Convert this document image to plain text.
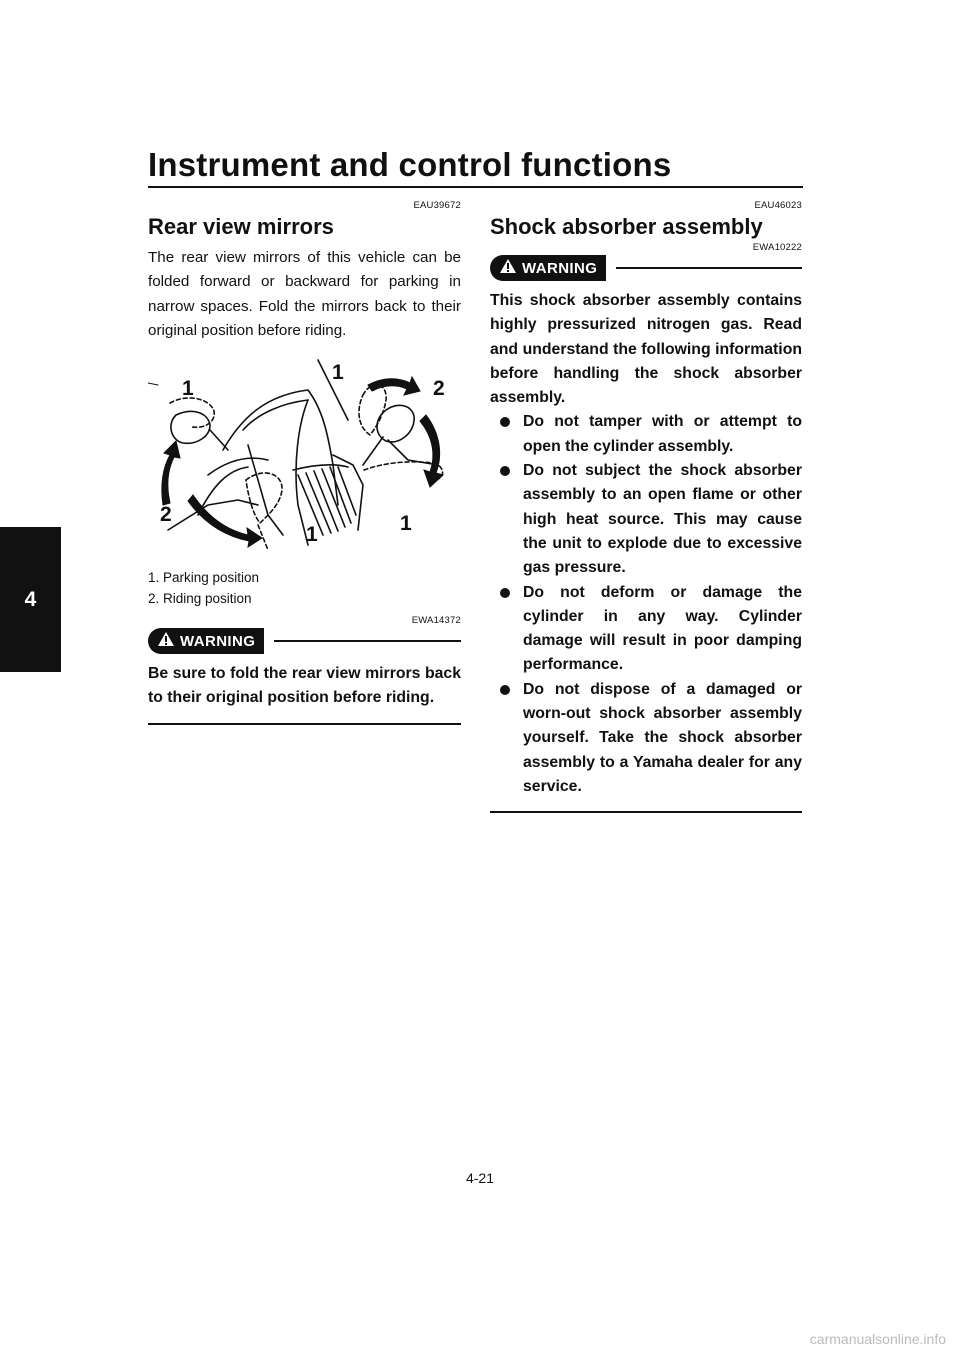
Instrument and control functions
4
EAU39672
Rear view mirrors

The rear view mirrors of this vehicle can be folded forward or backward for parking in narrow spaces. Fold the mirrors back to their original position before riding.

1
1
2
2
1	1
1. Parking position
2. Riding position
EWA14372
WARNING

Be sure to fold the rear view mirrors back to their original position before riding.

EAU46023
Shock absorber assembly
EWA10222
WARNING

This shock absorber assembly contains highly pressurized nitrogen gas. Read and understand the following information before handling the shock absorber assembly.

Do not tamper with or attempt to open the cylinder assembly.
Do not subject the shock absorber assembly to an open flame or other high heat source. This may cause the unit to explode due to excessive gas pressure.
Do not deform or damage the cylinder in any way. Cylinder damage will result in poor damping performance.
Do not dispose of a damaged or worn-out shock absorber assembly yourself. Take the shock absorber assembly to a Yamaha dealer for any service.
4-21
carmanualsonline.info
